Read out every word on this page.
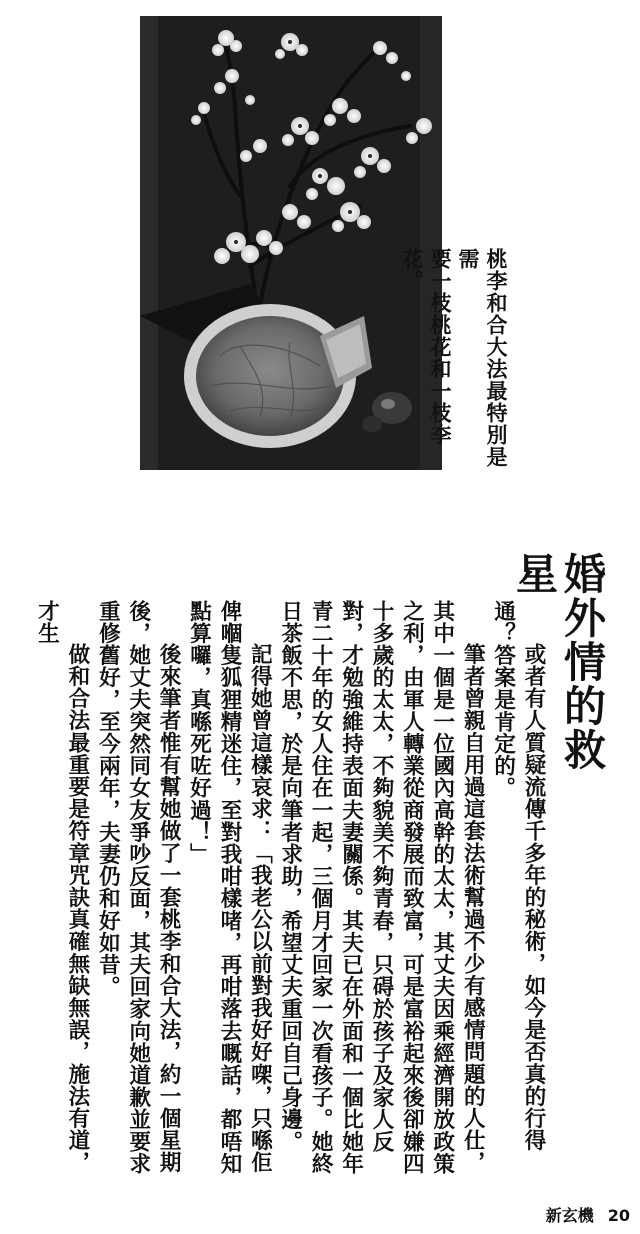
桃李和合大法最特別是需
要一枝桃花和一枝李花。
婚外情的救星

或者有人質疑流傳千多年的秘術，如今是否真的行得通？答案是肯定的。

筆者曾親自用過這套法術幫過不少有感情問題的人仕，其中一個是一位國內高幹的太太，其丈夫因乘經濟開放政策之利，由軍人轉業從商發展而致富，可是富裕起來後卻嫌四十多歲的太太，不夠貌美不夠青春，只碍於孩子及家人反對，才勉強維持表面夫妻關係。其夫已在外面和一個比她年青二十年的女人住在一起，三個月才回家一次看孩子。她終日茶飯不思，於是向筆者求助，希望丈夫重回自己身邊。

記得她曾這樣哀求：「我老公以前對我好好㗎，只喺佢俾嗰隻狐狸精迷住，至對我咁樣啫，再咁落去嘅話，都唔知點算囉，真喺死咗好過！」

後來筆者惟有幫她做了一套桃李和合大法，約一個星期後，她丈夫突然同女友爭吵反面，其夫回家向她道歉並要求重修舊好，至今兩年，夫妻仍和好如昔。

做和合法最重要是符章咒訣真確無缺無誤，施法有道，才生

新玄機 20
